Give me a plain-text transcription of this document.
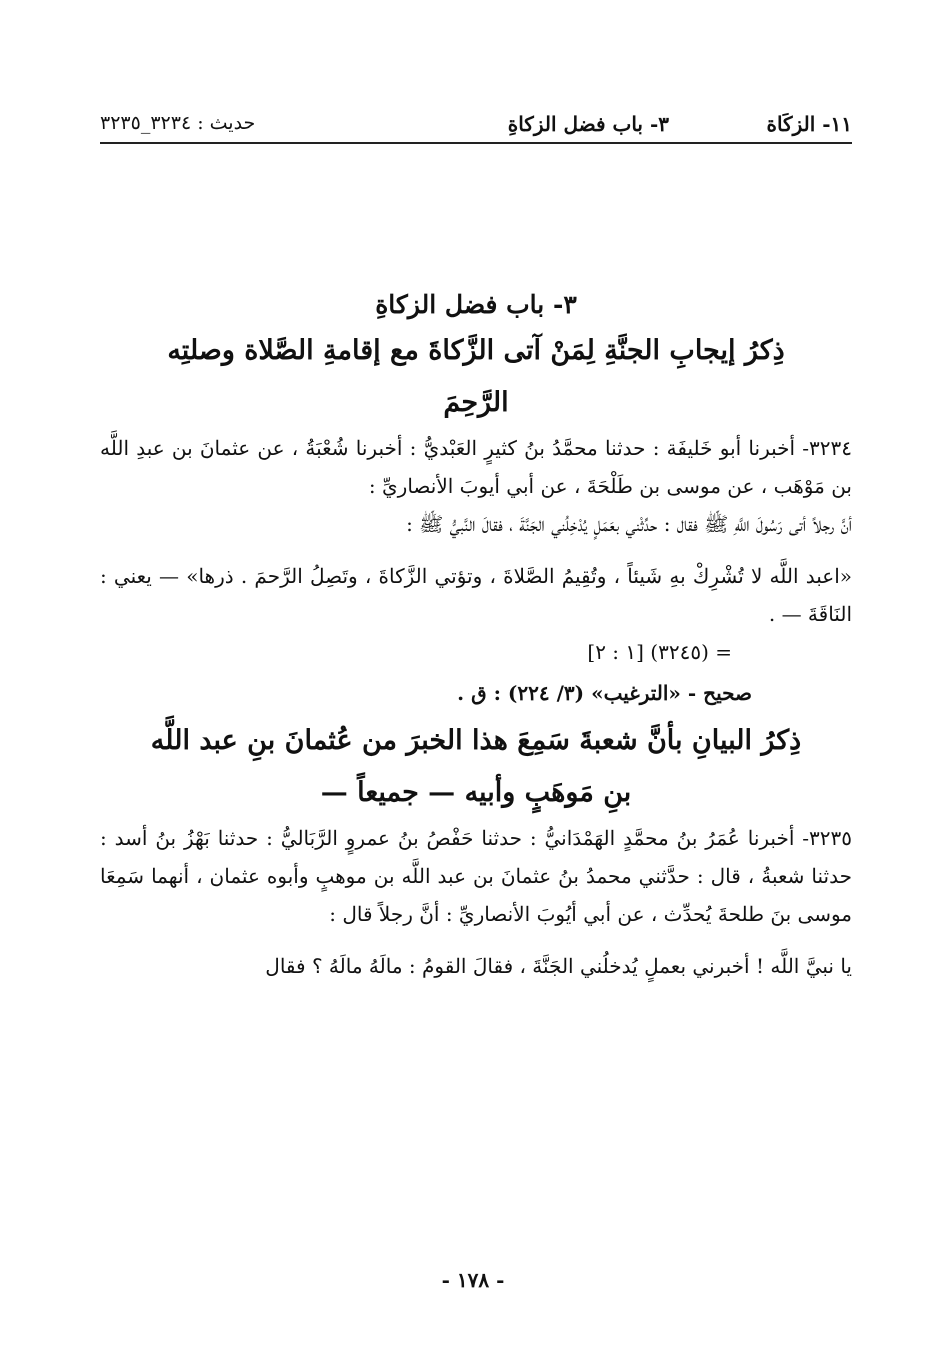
١١- الزكَاة
٣- باب فضل الزكاةِ
حديث : ٣٢٣٤_٣٢٣٥
٣- باب فضل الزكاةِ
ذِكرُ إيجابِ الجنَّةِ لِمَنْ آتى الزَّكاةَ مع إقامةِ الصَّلاة وصلتِه الرَّحِمَ
٣٢٣٤- أخبرنا أبو خَليفَة : حدثنا محمَّدُ بنُ كثيرٍ العَبْديُّ : أخبرنا شُعْبَةُ ، عن عثمانَ بن عبدِ اللَّه بن مَوْهَب ، عن موسى بن طَلْحَةَ ، عن أبي أيوبَ الأنصاريِّ :
أنَّ رجلاً أتى رَسُولَ اللَّهِ ﷺ فقال : حدِّثْني بعَمَلٍ يُدْخِلُني الجَنَّةَ ، فقالَ النَّبيُّ ﷺ :
«اعبد اللَّه لا تُشْرِكْ بهِ شَيئاً ، وتُقِيمُ الصَّلاةَ ، وتؤتي الزَّكاةَ ، وتَصِلُ الرَّحمَ . ذرها» — يعني : النَاقَةَ — .
= (٣٢٤٥) [١ : ٢]
صحيح - «الترغيب» (٣/ ٢٢٤) : ق .
ذِكرُ البيانِ بأنَّ شعبةَ سَمِعَ هذا الخبرَ من عُثمانَ بنِ عبد اللَّه بنِ مَوهَبٍ وأبيه — جميعاً —
٣٢٣٥- أخبرنا عُمَرُ بنُ محمَّدٍ الهَمْدَانيُّ : حدثنا حَفْصُ بنُ عمروٍ الرَّبَاليُّ : حدثنا بَهْزُ بنُ أسد : حدثنا شعبةُ ، قال : حدَّثني محمدُ بنُ عثمانَ بن عبد اللَّه بن موهبٍ وأبوه عثمان ، أنهما سَمِعَا موسى بنَ طلحةَ يُحدِّث ، عن أبي أيُوبَ الأنصاريِّ : أنَّ رجلاً قال :
يا نبيَّ اللَّه ! أخبرني بعملٍ يُدخلُني الجَنَّةَ ، فقالَ القومُ : مالَهُ مالَهُ ؟ فقال
- ١٧٨ -
